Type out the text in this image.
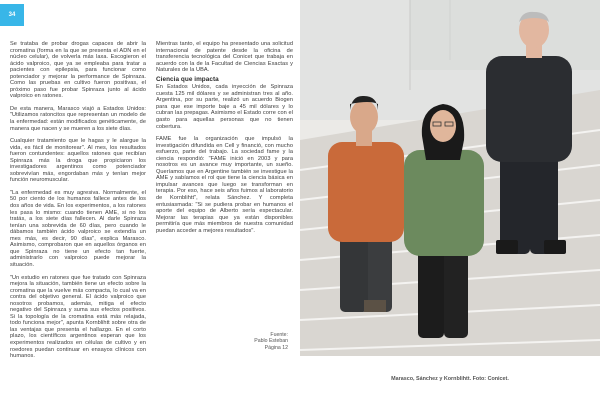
34

Se trataba de probar drogas capaces de abrir la cromatina (forma en la que se presenta el ADN en el núcleo celular), de volverla más laxa. Escogieron el ácido valproico, que ya se empleaba para tratar a pacientes con epilepsia, para funcionar como potenciador y mejorar la performance de Spinraza. Como las pruebas en cultivo fueron positivas, el próximo paso fue probar Spinraza junto al ácido valproico en ratones.

De esta manera, Marasco viajó a Estados Unidos: "Utilizamos ratoncitos que representan un modelo de la enfermedad: están modificados genéticamente, de manera que nacen y se mueren a los siete días.

Cualquier tratamiento que le hagas y le alargue la vida, es fácil de monitorear". Al mes, los resultados fueron contundentes: aquellos ratones que recibían Spinraza más la droga que propiciaron los investigadores argentinos como potenciador sobrevivían más, engordaban más y tenían mejor función neuromuscular.

"La enfermedad es muy agresiva. Normalmente, el 50 por ciento de los humanos fallece antes de los dos años de vida. En los experimentos, a los ratones les pasa lo mismo: cuando tienen AME, si no los tratás, a los siete días fallecen. Al darle Spinraza tenían una sobrevida de 60 días, pero cuando le dábamos también ácido valproico se extendía un mes más, es decir, 90 días", explica Marasco. Asimismo, comprobaron que en aquellos órganos en que Spinraza no tiene un efecto tan fuerte, administrarlo con valproico puede mejorar la situación.

"Un estudio en ratones que fue tratado con Spinraza mejora la situación, también tiene un efecto sobre la cromatina que la vuelve más compacta, lo cual va en contra del objetivo general. El ácido valproico que nosotros probamos, además, mitiga el efecto negativo del Spinraza y suma sus efectos positivos. Si la topología de la cromatina está más relajada, todo funciona mejor", apunta Kornblihtt sobre otra de las ventajas que presenta el hallazgo. En el corto plazo, los científicos argentinos esperan que los experimentos realizados en células de cultivo y en roedores puedan continuar en ensayos clínicos con humanos.

Mientras tanto, el equipo ha presentado una solicitud internacional de patente desde la oficina de transferencia tecnológica del Conicet que trabaja en acuerdo con la de la Facultad de Ciencias Exactas y Naturales de la UBA.

Ciencia que impacta

En Estados Unidos, cada inyección de Spinraza cuesta 125 mil dólares y se administran tres al año. Argentina, por su parte, realizó un acuerdo Biogen para que ese importe baje a 45 mil dólares y lo cubran las prepagas. Asimismo el Estado corre con el gasto para aquellas personas que no tienen cobertura.

FAME fue la organización que impulsó la investigación difundida en Cell y financió, con mucho esfuerzo, parte del trabajo. La sociedad fame y la ciencia respondió: "FAME inició en 2003 y para nosotros es un avance muy importante, un sueño. Queríamos que en Argentine también se investigue la AME y sabíamos el rol que tiene la ciencia básica en impulsar avances que luego se transforman en terapia. Por eso, hace seis años fuimos al laboratorio de Kornblihtt", relata Sánchez. Y completa entusiasmada: "Si se pudiera probar en humanos el aporte del equipo de Alberto sería espectacular. Mejorar las terapias que ya están disponibles permitiría que más miembros de nuestra comunidad puedan acceder a mejores resultados".

Fuente:
Pablo Esteban
Página 12
Marasco, Sánchez y Kornblihtt. Foto: Conicet.
